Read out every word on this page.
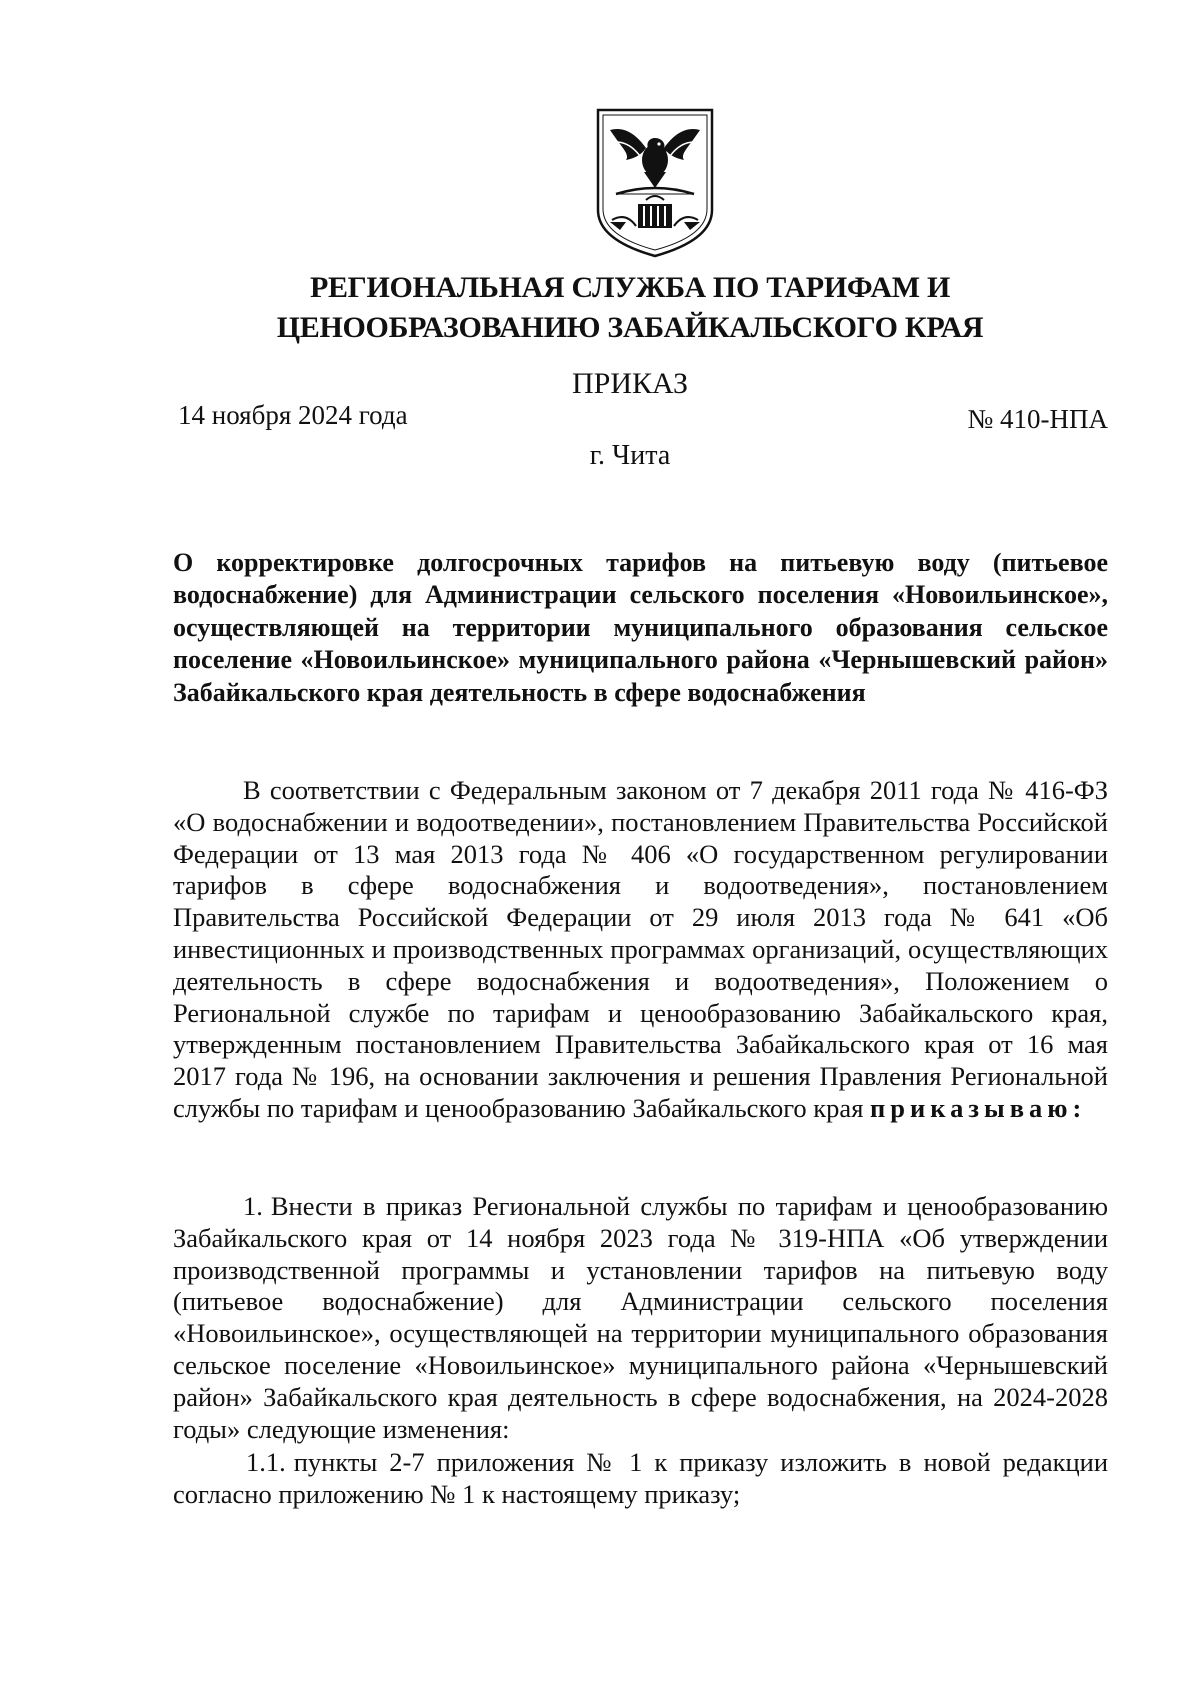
РЕГИОНАЛЬНАЯ СЛУЖБА ПО ТАРИФАМ И
ЦЕНООБРАЗОВАНИЮ ЗАБАЙКАЛЬСКОГО КРАЯ
ПРИКАЗ
14 ноября 2024 года	№ 410-НПА
г. Чита
О корректировке долгосрочных тарифов на питьевую воду (питьевое водоснабжение) для Администрации сельского поселения «Новоильинское», осуществляющей на территории муниципального образования сельское поселение «Новоильинское» муниципального района «Чернышевский район» Забайкальского края деятельность в сфере водоснабжения
В соответствии с Федеральным законом от 7 декабря 2011 года № 416-ФЗ «О водоснабжении и водоотведении», постановлением Правительства Российской Федерации от 13 мая 2013 года № 406 «О государственном регулировании тарифов в сфере водоснабжения и водоотведения», постановлением Правительства Российской Федерации от 29 июля 2013 года № 641 «Об инвестиционных и производственных программах организаций, осуществляющих деятельность в сфере водоснабжения и водоотведения», Положением о Региональной службе по тарифам и ценообразованию Забайкальского края, утвержденным постановлением Правительства Забайкальского края от 16 мая 2017 года № 196, на основании заключения и решения Правления Региональной службы по тарифам и ценообразованию Забайкальского края приказываю:
1. Внести в приказ Региональной службы по тарифам и ценообразованию Забайкальского края от 14 ноября 2023 года № 319-НПА «Об утверждении производственной программы и установлении тарифов на питьевую воду (питьевое водоснабжение) для Администрации сельского поселения «Новоильинское», осуществляющей на территории муниципального образования сельское поселение «Новоильинское» муниципального района «Чернышевский район» Забайкальского края деятельность в сфере водоснабжения, на 2024-2028 годы» следующие изменения:
1.1. пункты 2-7 приложения № 1 к приказу изложить в новой редакции согласно приложению № 1 к настоящему приказу;
